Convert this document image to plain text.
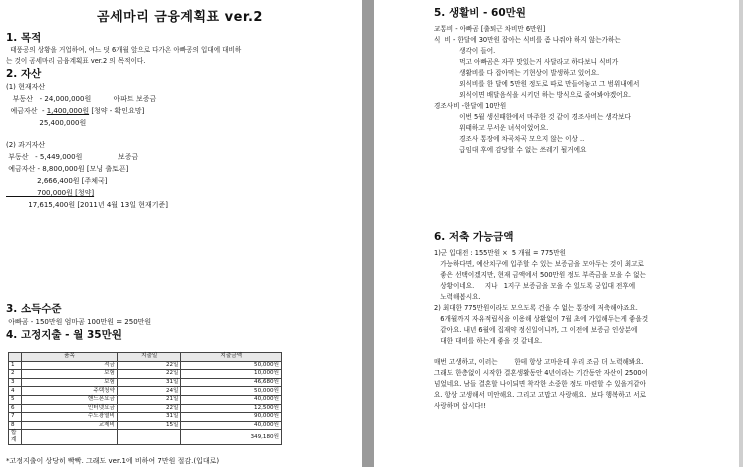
곰세마리 금융계획표 ver.2

1. 목적

태풍공의 상황을 거업하여, 여느 덧 6개월 앞으로 다가온 아빠공의 입대에 대비하

는 것이 곰세마리 금융계획표 ver.2 의 목적이다.

2. 자산

(1) 현재자산

부동산   - 24,000,000원          아파트 보증금

예금자산  - 1,400,000원 [청약 - 확인요망]

25,400,000원

(2) 과거자산

부동산   - 5,449,000원                보증금

예금자산 - 8,800,000원 [모닝 출토픈]

2,666,400원 [주체국]

700,000원 [청약]

17,615,400원 [2011년 4월 13일 현재기준]

3. 소득수준

아빠곰 - 150만원 엄마곰 100만원 = 250만원

4. 고정지출 - 월 35만원

	품목	지출일	지출금액
1	적금	22일	50,000원
2	보험	22일	10,000원
3	보험	31일	46,680원
4	주택청약	24일	50,000원
5	핸드폰요금	21일	40,000원
6	인터넷요금	22일	12,500원
7	수도광열비	31일	90,000원
8	교제비	15일	40,000원
합계			349,180원

*고정지출이 상당히 빡빡. 그래도 ver.1에 비하여 7만원 절감.(입대로)

5. 생활비 - 60만원

교통비 - 아빠곰 [출퇴근 차비만 6만원]

식  비 - 한달에 30만원 잡아는 식비를 좀 나줘야 하지 않는가하는

생각이 들어.

먹고 아빠곰은 자꾸 맛있는거 사달라고 하다보니 식비가

생활비를 다 잡아먹는 기현상이 발생하고 있어요.

외식비를 한 달에 5만원 정도로 따로 만들어놓고 그 범위내에서

외식이면 배달음식을 시키던 하는 방식으로 줄여봐야겠어요.

경조사비 -한달에 10만원

이번 5월 생신때한에서 마주한 것 같이 경조사비는 생각보다

위태하고 무서운 녀석이었어요.

경조사 통장에 차곡차곡 모으지 않는 이상 ..

급임대 후에 감당할 수 없는 쓰레기 될거에요

6. 저축 가능금액

1)군 입대전 : 155만원 ×  5 개월 = 775만원

가능하다면, 예산치구에 입주할 수 있는 보증금을 모아두는 것이 최고로

좋은 선택이겠지만, 현재 금액에서 500만원 정도 부족금을 모을 수 없는

상황이네요.     지나   1지구 보증금을 모을 수 있도록 궁입대 전후에

노력해봅시요.

2) 최대한 775만원이라도 모으도록 건을 수 없는 통장에 저축해야죠요.

6개월까지 자유적립식을 이용해 상환없이 7월 초에 가입해두는게 좋을것

같아요. 내년 6월에 집재약 정신일이니까, 그 이전에 보증금 인상분에

대한 대비를 하는게 좋을 것 같네요.

매번 고생하고, 이러는        한테 항상 고마운데 우리 조금 더 노력해봐요.

그래도 한층없이 시작한 결혼생활동안 4년이라는 기간동안 자산이 2500이

넘었네요. 남들 결혼할 나이되면 착각한 소중한 정도 마련할 수 있을거같아

요. 항상 고생해서 미안해요. 그리고 고맙고 사랑해요.  보다 행복하고 서로

사랑하며 삽시다!!
